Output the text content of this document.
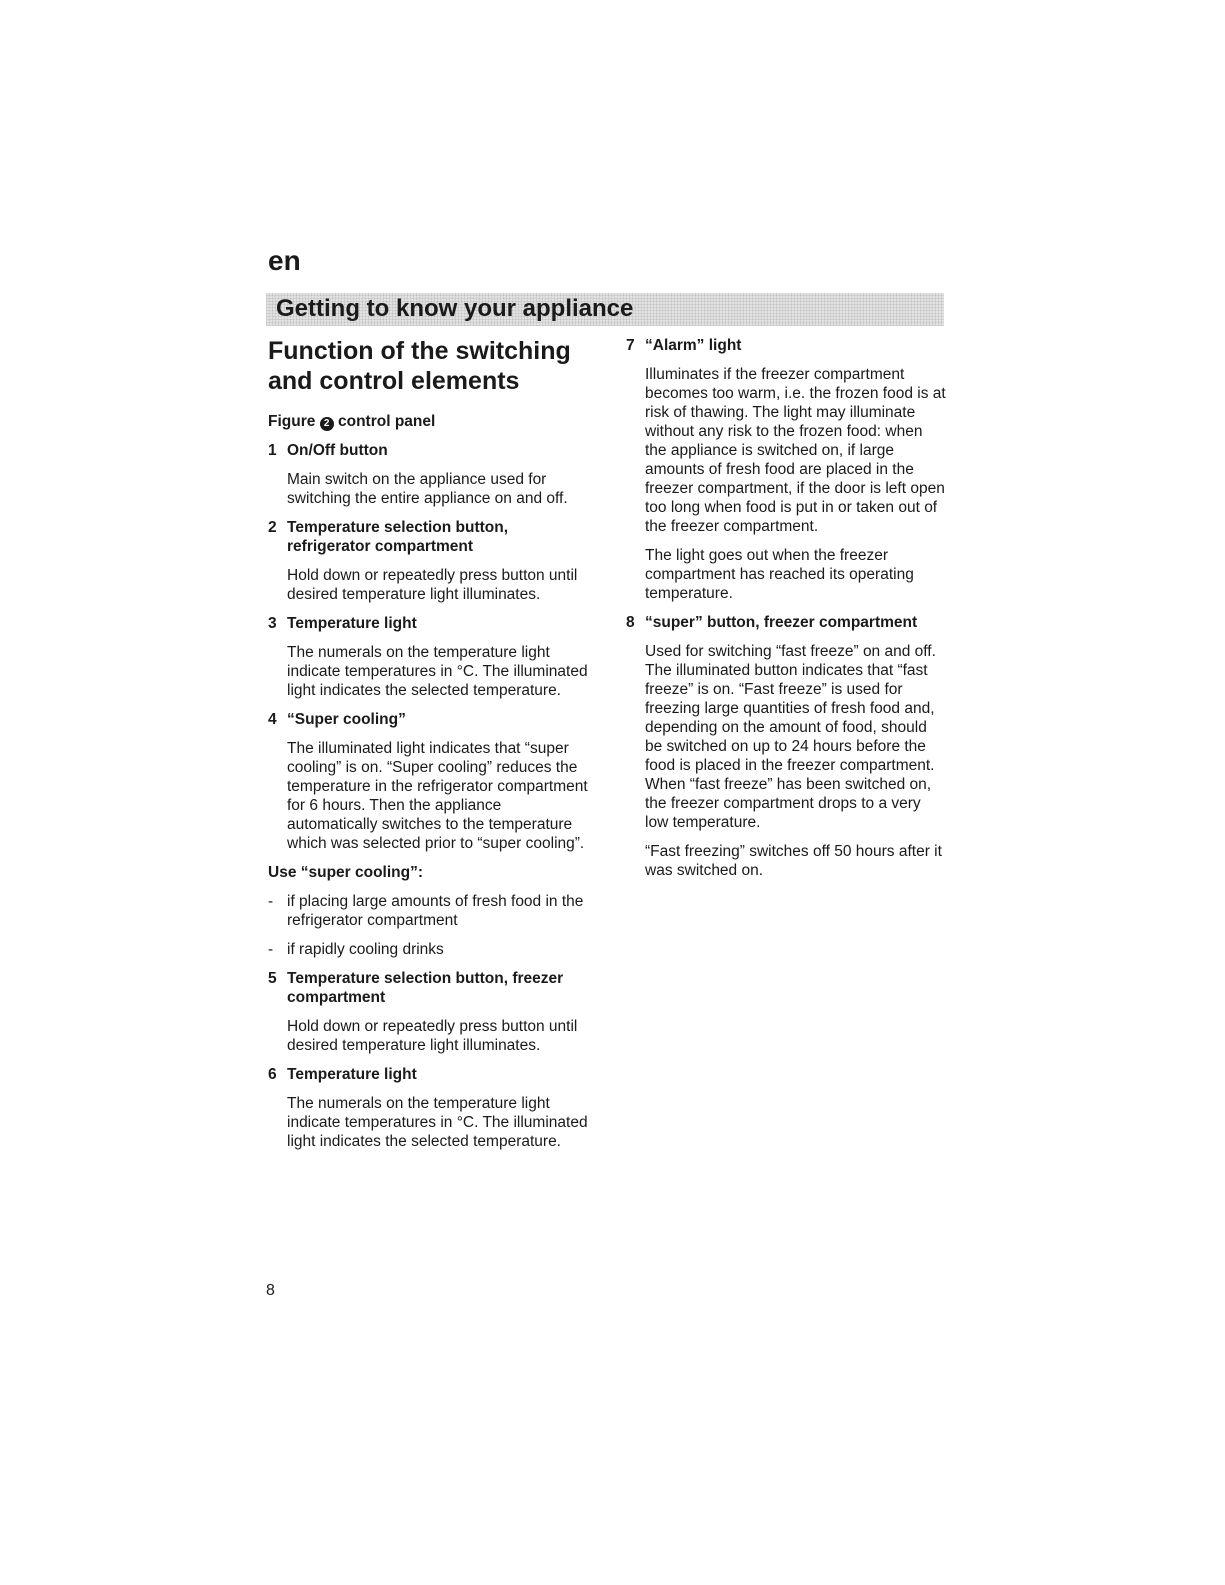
en
Getting to know your appliance
Function of the switching and control elements
Figure 2 control panel
1 On/Off button

Main switch on the appliance used for switching the entire appliance on and off.

2 Temperature selection button, refrigerator compartment

Hold down or repeatedly press button until desired temperature light illuminates.

3 Temperature light

The numerals on the temperature light indicate temperatures in °C. The illuminated light indicates the selected temperature.

4 “Super cooling”

The illuminated light indicates that “super cooling” is on. “Super cooling” reduces the temperature in the refrigerator compartment for 6 hours. Then the appliance automatically switches to the temperature which was selected prior to “super cooling”.

Use “super cooling”:
- if placing large amounts of fresh food in the refrigerator compartment
- if rapidly cooling drinks
5 Temperature selection button, freezer compartment

Hold down or repeatedly press button until desired temperature light illuminates.

6 Temperature light

The numerals on the temperature light indicate temperatures in °C. The illuminated light indicates the selected temperature.

7 “Alarm” light

Illuminates if the freezer compartment becomes too warm, i.e. the frozen food is at risk of thawing. The light may illuminate without any risk to the frozen food: when the appliance is switched on, if large amounts of fresh food are placed in the freezer compartment, if the door is left open too long when food is put in or taken out of the freezer compartment.

The light goes out when the freezer compartment has reached its operating temperature.

8 “super” button, freezer compartment

Used for switching “fast freeze” on and off. The illuminated button indicates that “fast freeze” is on. “Fast freeze” is used for freezing large quantities of fresh food and, depending on the amount of food, should be switched on up to 24 hours before the food is placed in the freezer compartment. When “fast freeze” has been switched on, the freezer compartment drops to a very low temperature.

“Fast freezing” switches off 50 hours after it was switched on.

8
